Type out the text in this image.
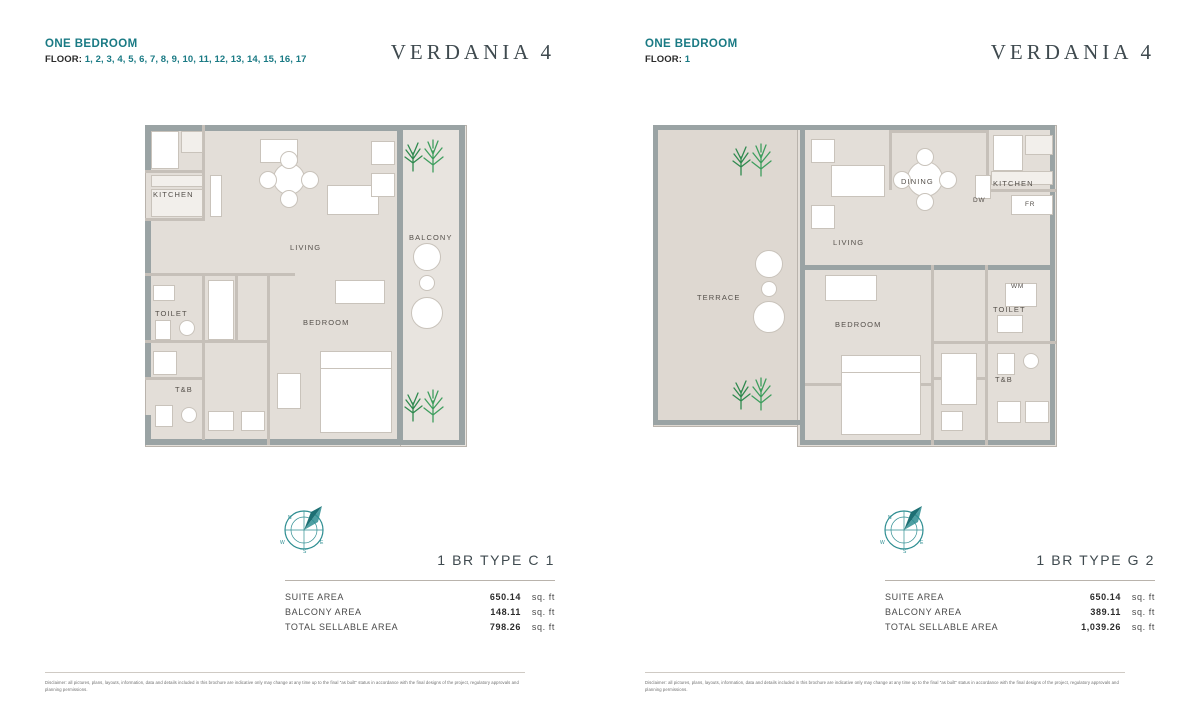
ONE BEDROOM
FLOOR: 1, 2, 3, 4, 5, 6, 7, 8, 9, 10, 11, 12, 13, 14, 15, 16, 17	VERDANIA 4
KITCHEN
LIVING
BALCONY
TOILET
T&B
BEDROOM
N
E
S
W
1 BR TYPE C 1
SUITE AREA	650.14	sq. ft
BALCONY AREA	148.11	sq. ft
TOTAL SELLABLE AREA	798.26	sq. ft
Disclaimer: all pictures, plans, layouts, information, data and details included in this brochure are indicative only may change at any time up to the final "as built" status in accordance with the final designs of the project, regulatory approvals and planning permissions.
ONE BEDROOM
FLOOR: 1	VERDANIA 4
TERRACE
LIVING
DINING	KITCHEN
DW
FR
WM
TOILET
T&B
BEDROOM
N
E
S
W
1 BR TYPE G 2
SUITE AREA	650.14	sq. ft
BALCONY AREA	389.11	sq. ft
TOTAL SELLABLE AREA	1,039.26	sq. ft
Disclaimer: all pictures, plans, layouts, information, data and details included in this brochure are indicative only may change at any time up to the final "as built" status in accordance with the final designs of the project, regulatory approvals and planning permissions.
